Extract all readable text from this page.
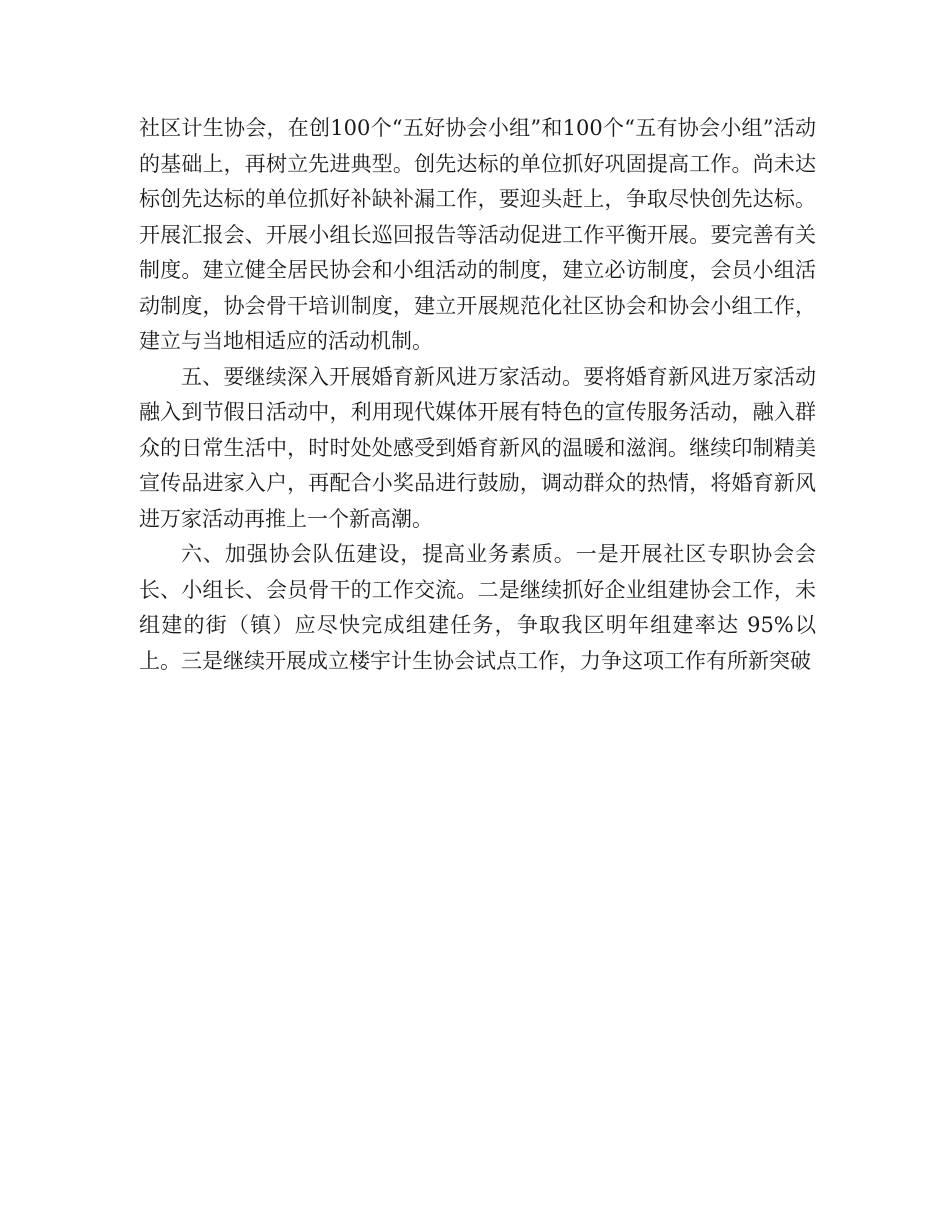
社区计生协会，在创100个“五好协会小组”和100个“五有协会小组”活动的基础上，再树立先进典型。创先达标的单位抓好巩固提高工作。尚未达标创先达标的单位抓好补缺补漏工作，要迎头赶上，争取尽快创先达标。开展汇报会、开展小组长巡回报告等活动促进工作平衡开展。要完善有关制度。建立健全居民协会和小组活动的制度，建立必访制度，会员小组活动制度，协会骨干培训制度，建立开展规范化社区协会和协会小组工作，建立与当地相适应的活动机制。

五、要继续深入开展婚育新风进万家活动。要将婚育新风进万家活动融入到节假日活动中，利用现代媒体开展有特色的宣传服务活动，融入群众的日常生活中，时时处处感受到婚育新风的温暖和滋润。继续印制精美宣传品进家入户，再配合小奖品进行鼓励，调动群众的热情，将婚育新风进万家活动再推上一个新高潮。

六、加强协会队伍建设，提高业务素质。一是开展社区专职协会会长、小组长、会员骨干的工作交流。二是继续抓好企业组建协会工作，未组建的街（镇）应尽快完成组建任务，争取我区明年组建率达 95%以上。三是继续开展成立楼宇计生协会试点工作，力争这项工作有所新突破
